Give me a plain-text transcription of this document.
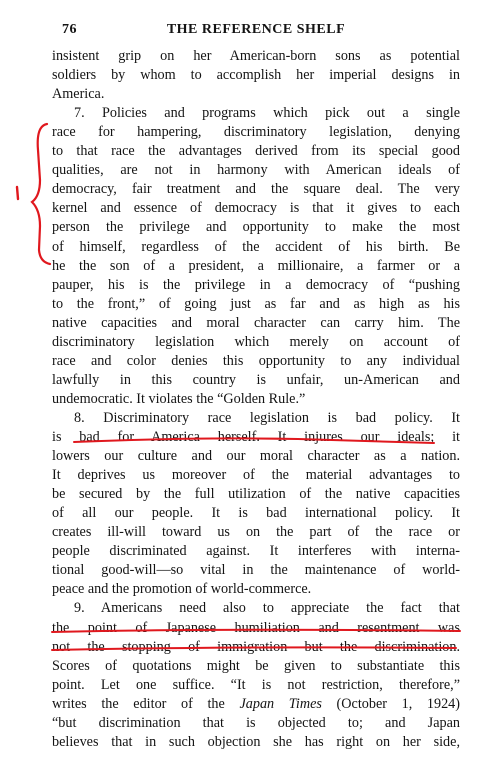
76	THE REFERENCE SHELF
insistent grip on her American-born sons as potential
soldiers by whom to accomplish her imperial designs in
America.
7. Policies and programs which pick out a single
race for hampering, discriminatory legislation, denying
to that race the advantages derived from its special good
qualities, are not in harmony with American ideals of
democracy, fair treatment and the square deal. The very
kernel and essence of democracy is that it gives to each
person the privilege and opportunity to make the most
of himself, regardless of the accident of his birth. Be
he the son of a president, a millionaire, a farmer or a
pauper, his is the privilege in a democracy of “pushing
to the front,” of going just as far and as high as his
native capacities and moral character can carry him. The
discriminatory legislation which merely on account of
race and color denies this opportunity to any individual
lawfully in this country is unfair, un-American and
undemocratic. It violates the “Golden Rule.”
8. Discriminatory race legislation is bad policy. It
is bad for America herself. It injures our ideals; it
lowers our culture and our moral character as a nation.
It deprives us moreover of the material advantages to
be secured by the full utilization of the native capacities
of all our people. It is bad international policy. It
creates ill-will toward us on the part of the race or
people discriminated against. It interferes with interna-
tional good-will—so vital in the maintenance of world-
peace and the promotion of world-commerce.
9. Americans need also to appreciate the fact that
the point of Japanese humiliation and resentment was
not the stopping of immigration but the discrimination.
Scores of quotations might be given to substantiate this
point. Let one suffice. “It is not restriction, therefore,”
writes the editor of the Japan Times (October 1, 1924)
“but discrimination that is objected to; and Japan
believes that in such objection she has right on her side,
